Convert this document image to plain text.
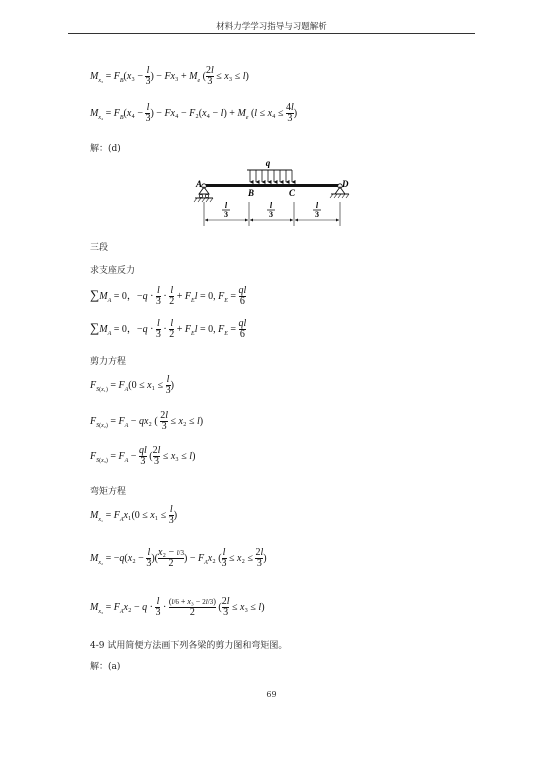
材料力学学习指导与习题解析
$M_{x_3} = F_B(x_3 - \frac{l}{3}$ ) − $Fx_3 + M_e$ ( $\frac{2l}{3} \le x_3 \le l$)
$M_{x_4} = F_B(x_4 - \frac{l}{3}$ ) − $Fx_4 - F_2(x_4 - l) + M_e$ ($l \le x_4 \le \frac{4l}{3}$ )
解：(d)
q
A
B	C
D
l
3
l
3
l
3
三段
求支座反力
$\sum M_A = 0$，$-q \cdot \frac{l}{3} \cdot \frac{l}{2} + F_El = 0$, $F_E = \frac{ql}{6}$
$\sum M_A = 0$，$-q \cdot \frac{l}{3} \cdot \frac{l}{2} + F_El = 0$, $F_E = \frac{ql}{6}$
剪力方程
$F_{S(x_1)} = F_A(0 \le x_1 \le \frac{l}{3}$ )
$F_{S(x_2)} = F_A - qx_2$ ( $\frac{2l}{3} \le x_2 \le l$)
$F_{S(x_3)} = F_A - \frac{ql}{3}$ ( $\frac{2l}{3} \le x_3 \le l$)
弯矩方程
$M_{x_1} = F_Ax_1(0 \le x_1 \le \frac{l}{3}$ )
$M_{x_2} = -q(x_2 - \frac{l}{3}$ )( $\frac{\text{x₂ − l/3}}{2}$ ) − $F_Ax_2$ ( $\frac{l}{3} \le x_2 \le \frac{2l}{3}$ )
$M_{x_3} = F_Ax_2 - q \cdot \frac{l}{3}$ ·
(l/6 + x₃ − 2l/3)
2	( $\frac{2l}{3} \le x_3 \le l$)
4-9 试用简便方法画下列各梁的剪力图和弯矩图。
解：(a)
69
